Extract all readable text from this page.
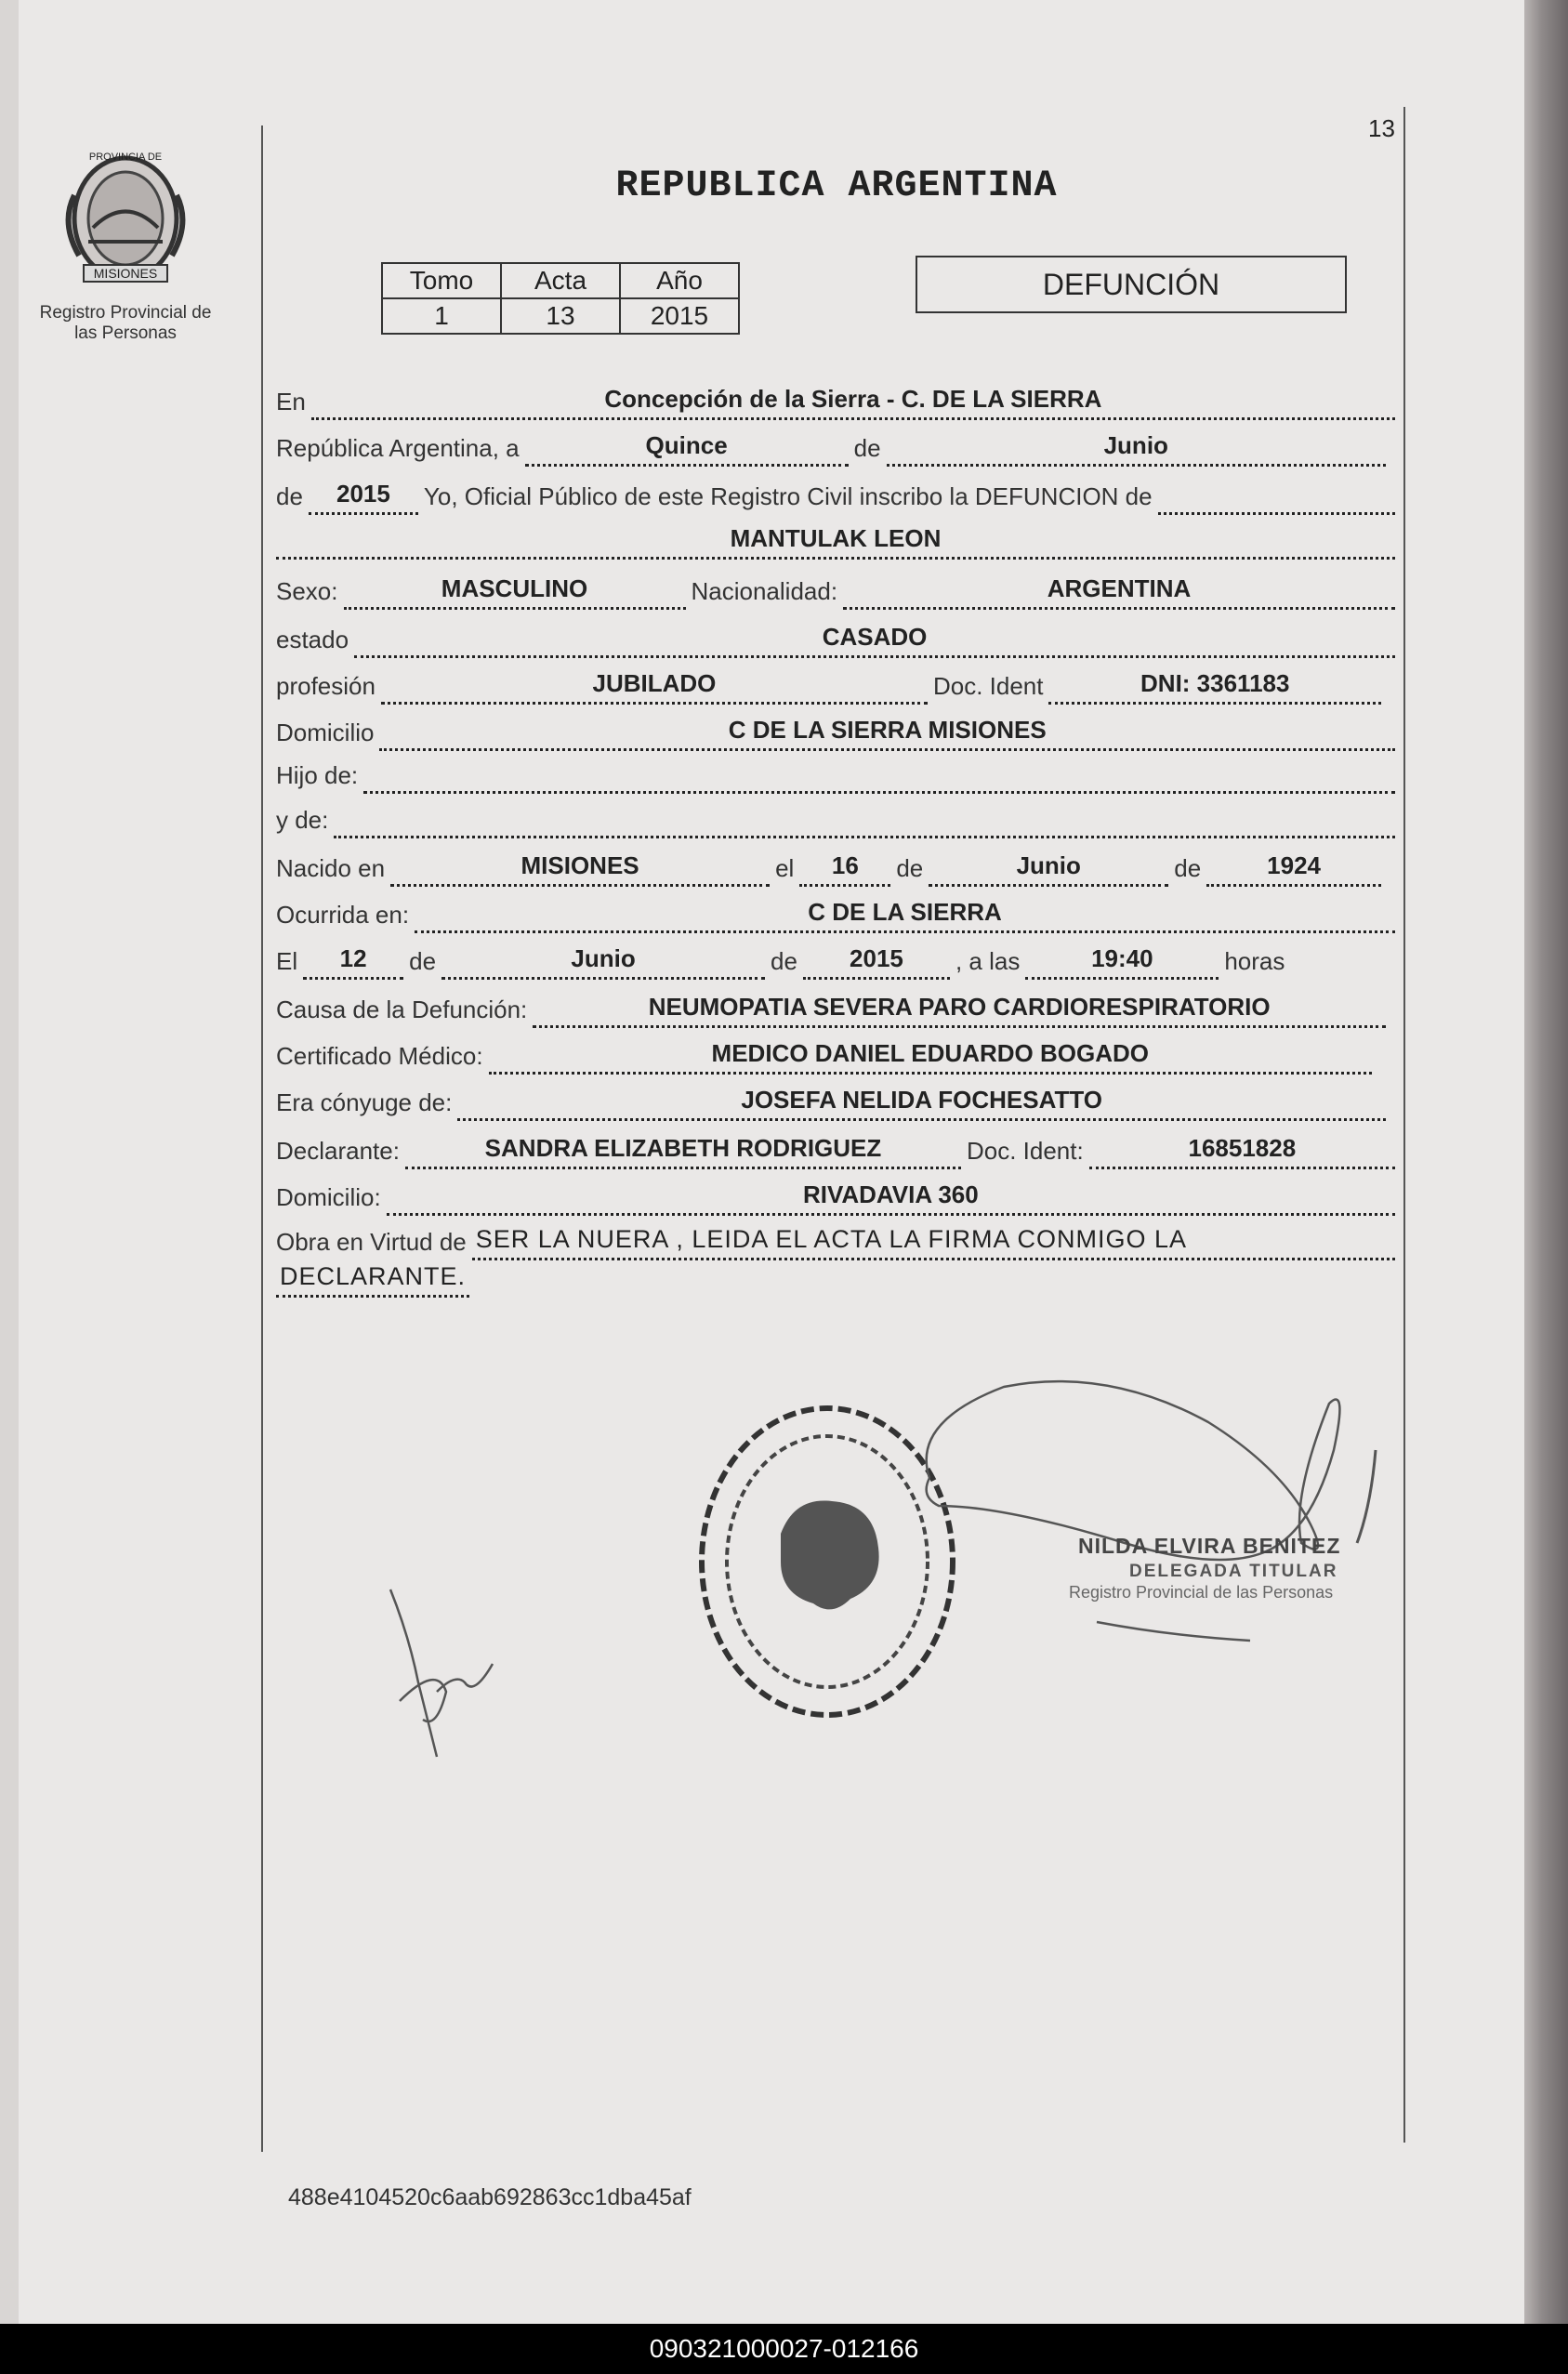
13
MISIONES
PROVINCIA DE
Registro Provincial de
las Personas
REPUBLICA ARGENTINA
Tomo	Acta	Año
1	13	2015
DEFUNCIÓN
En	Concepción de la Sierra - C. DE LA SIERRA
República Argentina, a	Quince	de	Junio
de	2015	Yo, Oficial Público de este Registro Civil inscribo la DEFUNCION de
MANTULAK LEON
Sexo:	MASCULINO	Nacionalidad:	ARGENTINA
estado	CASADO
profesión	JUBILADO	Doc. Ident	DNI: 3361183
Domicilio	C DE LA SIERRA MISIONES
Hijo de:
y de:
Nacido en	MISIONES	el	16	de	Junio	de	1924
Ocurrida en:	C DE LA SIERRA
El	12	de	Junio	de	2015	, a las	19:40	horas
Causa de la Defunción:	NEUMOPATIA SEVERA PARO CARDIORESPIRATORIO
Certificado Médico:	MEDICO DANIEL EDUARDO BOGADO
Era cónyuge de:	JOSEFA NELIDA FOCHESATTO
Declarante:	SANDRA ELIZABETH RODRIGUEZ	Doc. Ident:	16851828
Domicilio:	RIVADAVIA 360
Obra en Virtud de SER LA NUERA , LEIDA EL ACTA LA FIRMA CONMIGO LA
DECLARANTE.
NILDA ELVIRA BENITEZ
DELEGADA TITULAR
Registro Provincial de las Personas
488e4104520c6aab692863cc1dba45af
090321000027-012166
